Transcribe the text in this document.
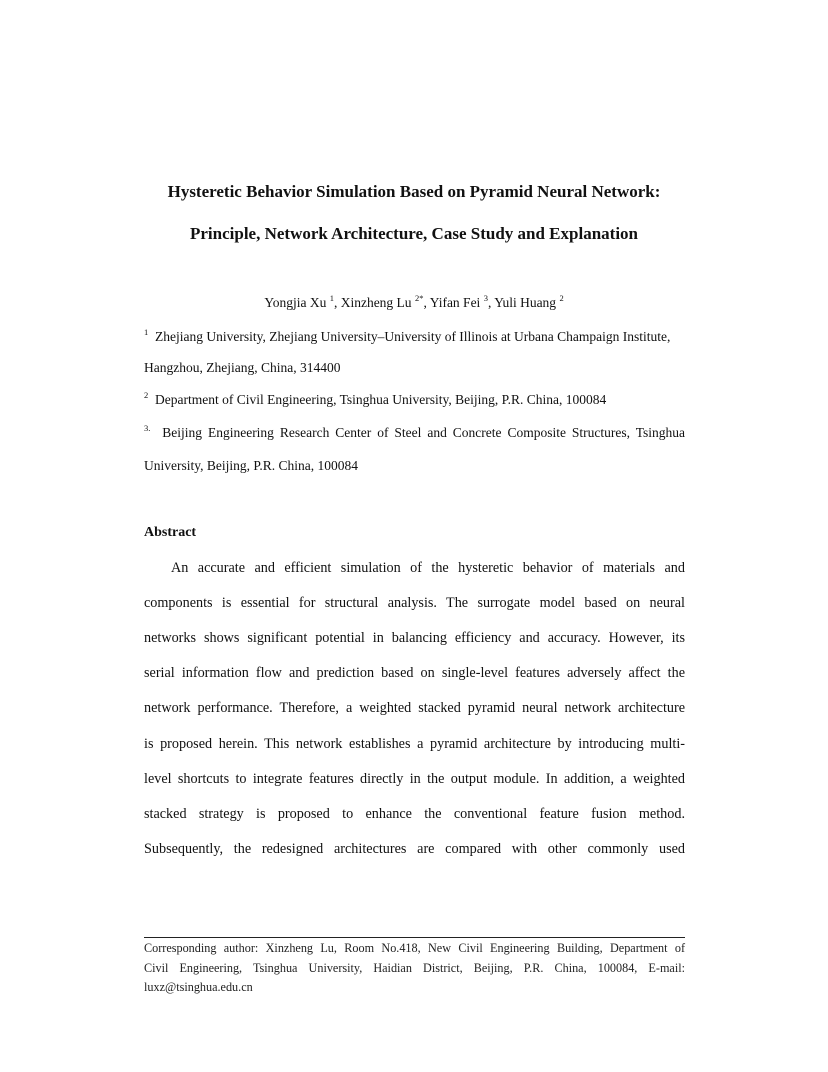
Hysteretic Behavior Simulation Based on Pyramid Neural Network:
Principle, Network Architecture, Case Study and Explanation
Yongjia Xu $^1$, Xinzheng Lu $^{2*}$, Yifan Fei $^3$, Yuli Huang $^2$
$^1$ Zhejiang University, Zhejiang University–University of Illinois at Urbana Champaign Institute,
Hangzhou, Zhejiang, China, 314400
$^2$ Department of Civil Engineering, Tsinghua University, Beijing, P.R. China, 100084
$^{3.}$ Beijing Engineering Research Center of Steel and Concrete Composite Structures, Tsinghua
University, Beijing, P.R. China, 100084
Abstract
An accurate and efficient simulation of the hysteretic behavior of materials and
components is essential for structural analysis. The surrogate model based on neural
networks shows significant potential in balancing efficiency and accuracy. However, its
serial information flow and prediction based on single-level features adversely affect the
network performance. Therefore, a weighted stacked pyramid neural network architecture
is proposed herein. This network establishes a pyramid architecture by introducing multi-
level shortcuts to integrate features directly in the output module. In addition, a weighted
stacked strategy is proposed to enhance the conventional feature fusion method.
Subsequently, the redesigned architectures are compared with other commonly used
Corresponding author: Xinzheng Lu, Room No.418, New Civil Engineering Building, Department of
Civil Engineering, Tsinghua University, Haidian District, Beijing, P.R. China, 100084, E-mail:
luxz@tsinghua.edu.cn
